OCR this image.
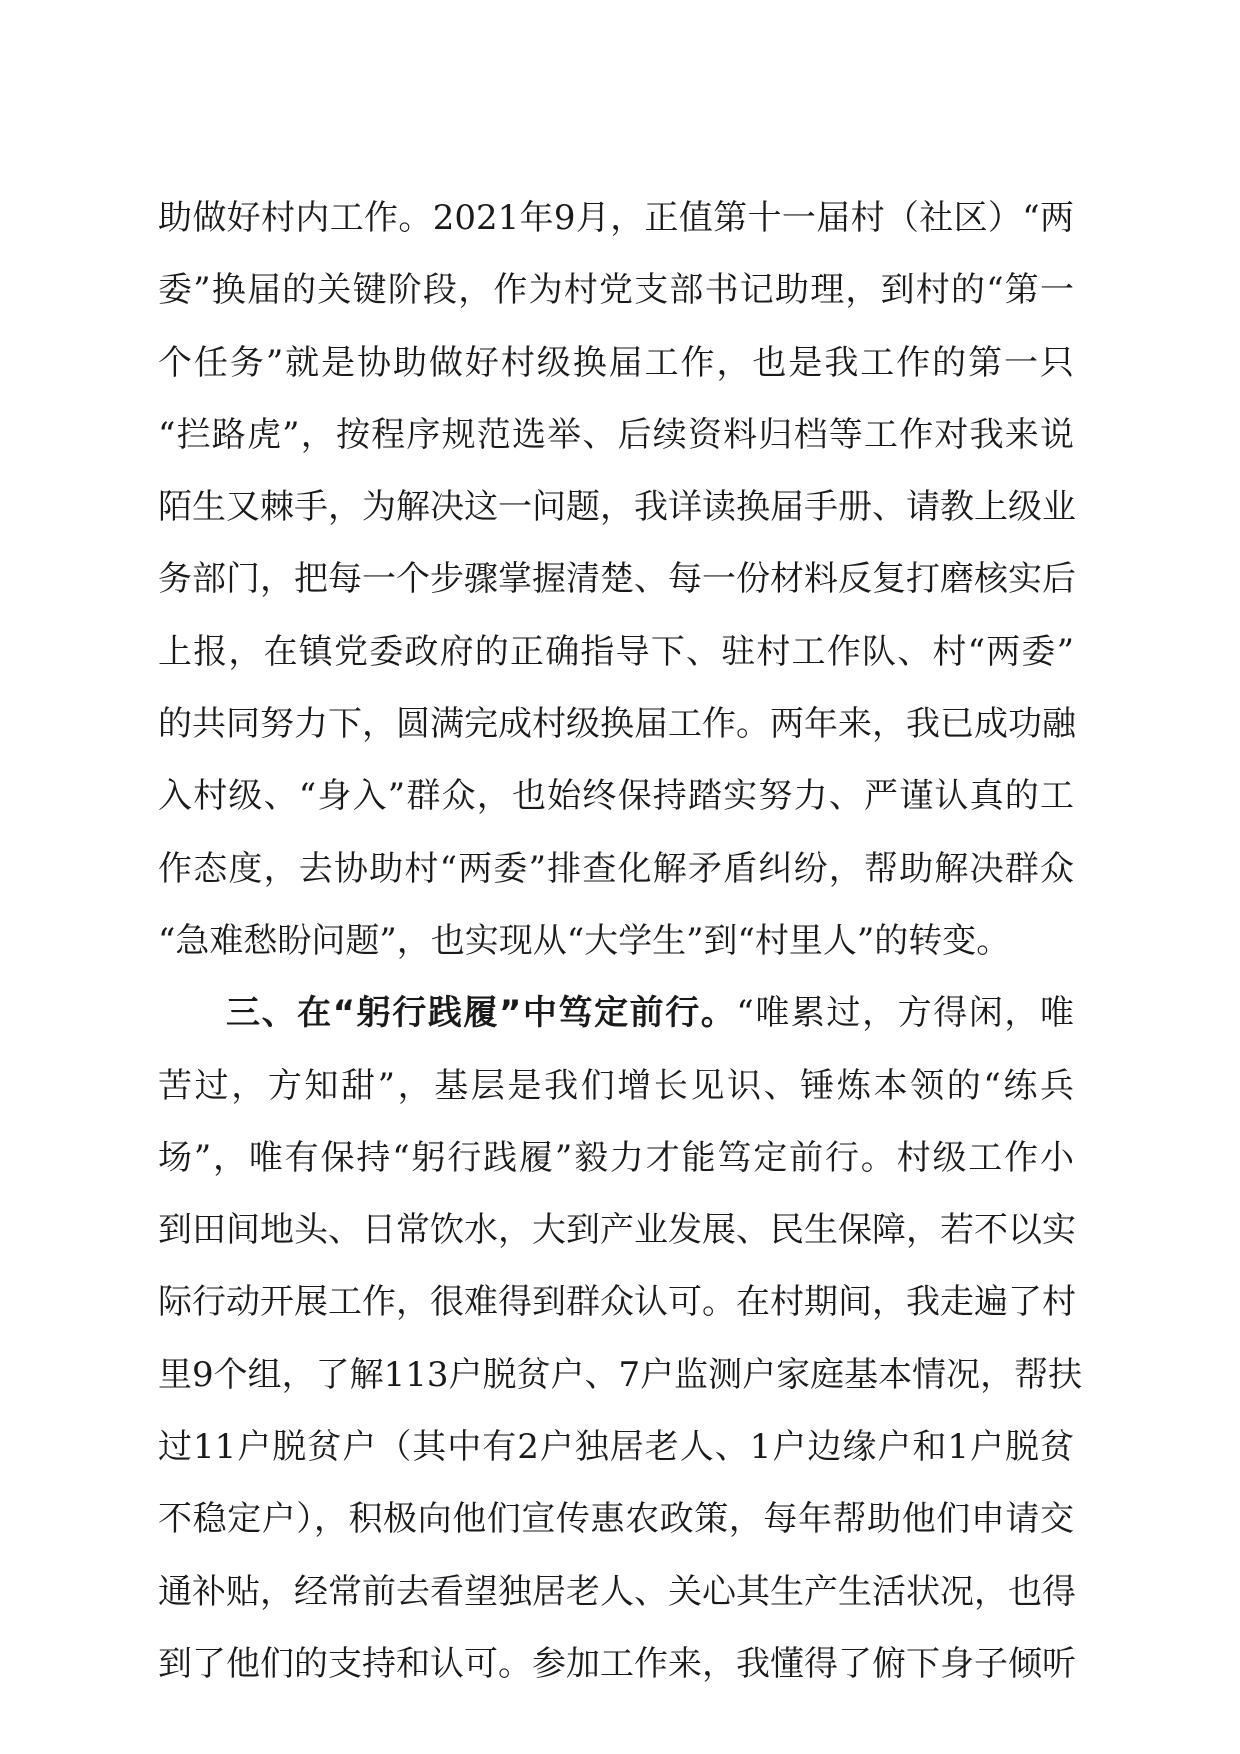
助做好村内工作。2021年9月，正值第十一届村（社区）“两
委”换届的关键阶段，作为村党支部书记助理，到村的“第一
个任务”就是协助做好村级换届工作，也是我工作的第一只
“拦路虎”，按程序规范选举、后续资料归档等工作对我来说
陌生又棘手，为解决这一问题，我详读换届手册、请教上级业
务部门，把每一个步骤掌握清楚、每一份材料反复打磨核实后
上报，在镇党委政府的正确指导下、驻村工作队、村“两委”
的共同努力下，圆满完成村级换届工作。两年来，我已成功融
入村级、“身入”群众，也始终保持踏实努力、严谨认真的工
作态度，去协助村“两委”排查化解矛盾纠纷，帮助解决群众
“急难愁盼问题”，也实现从“大学生”到“村里人”的转变。
三、在“躬行践履”中笃定前行。“唯累过，方得闲，唯
苦过，方知甜”，基层是我们增长见识、锤炼本领的“练兵
场”，唯有保持“躬行践履”毅力才能笃定前行。村级工作小
到田间地头、日常饮水，大到产业发展、民生保障，若不以实
际行动开展工作，很难得到群众认可。在村期间，我走遍了村
里9个组，了解113户脱贫户、7户监测户家庭基本情况，帮扶
过11户脱贫户（其中有2户独居老人、1户边缘户和1户脱贫
不稳定户），积极向他们宣传惠农政策，每年帮助他们申请交
通补贴，经常前去看望独居老人、关心其生产生活状况，也得
到了他们的支持和认可。参加工作来，我懂得了俯下身子倾听
